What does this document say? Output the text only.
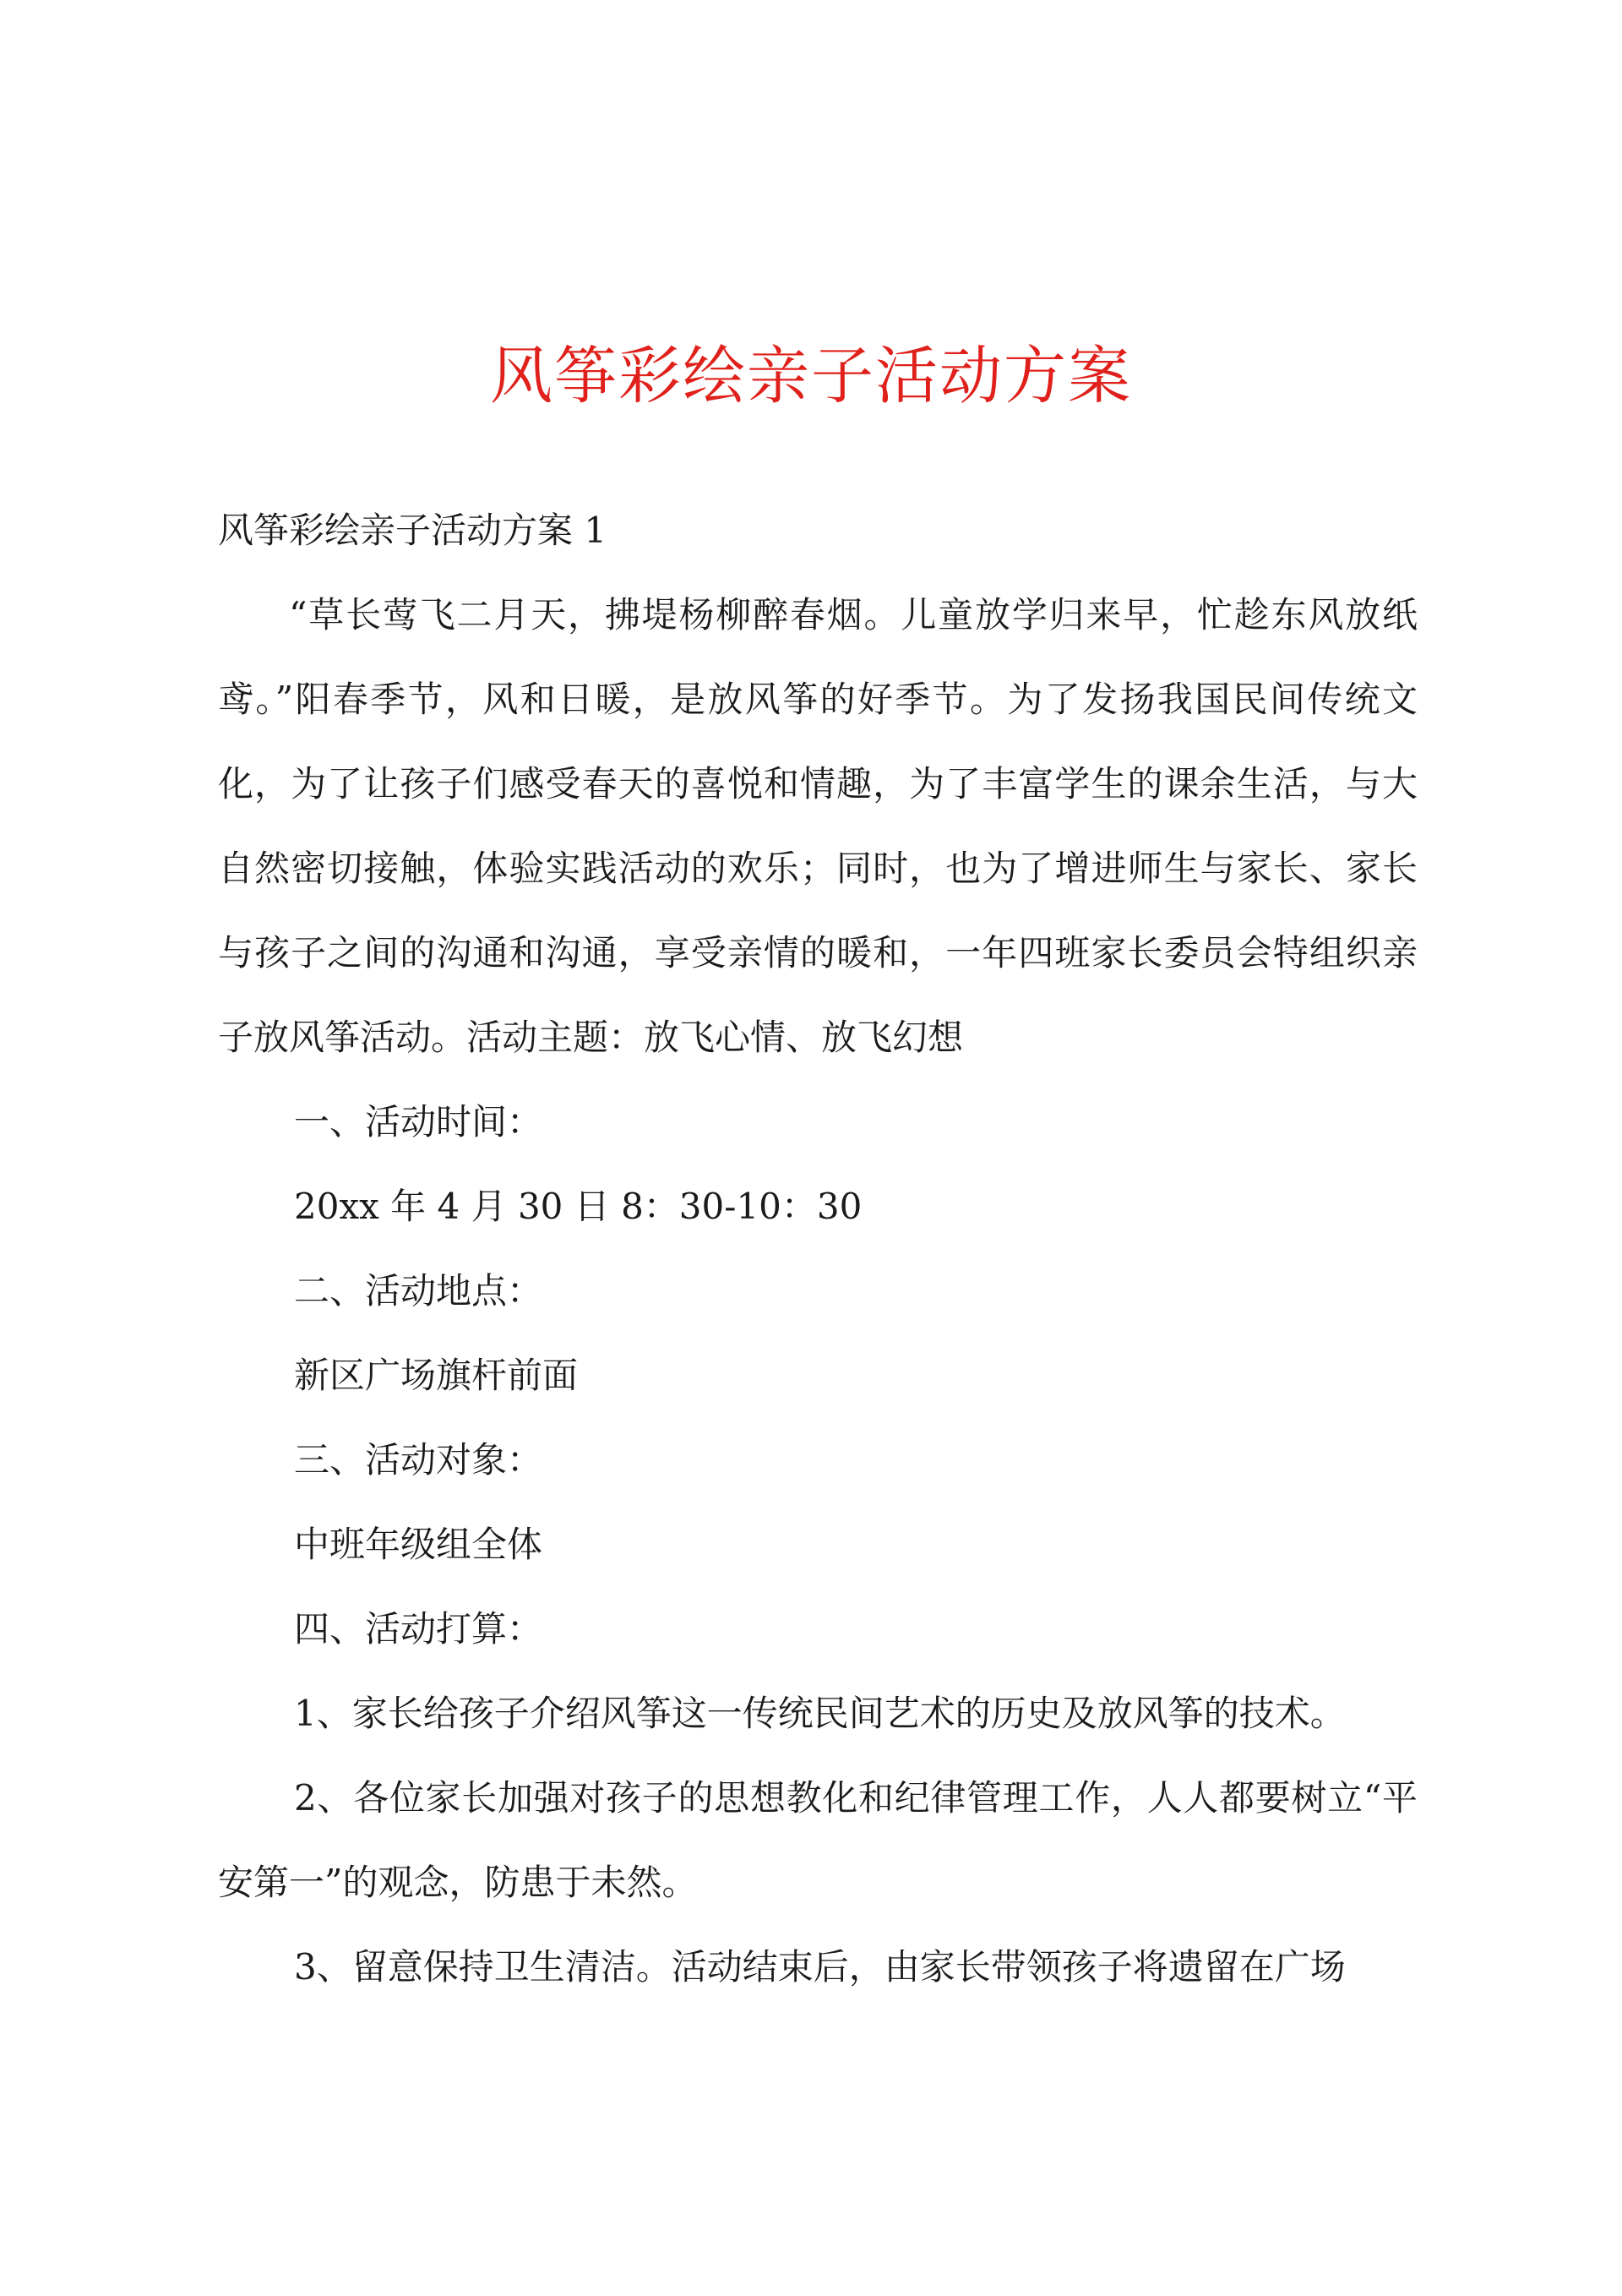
风筝彩绘亲子活动方案

风筝彩绘亲子活动方案 1

“草长莺飞二月天，拂堤杨柳醉春烟。儿童放学归来早，忙趁东风放纸鸢。”阳春季节，风和日暖，是放风筝的好季节。为了发扬我国民间传统文化，为了让孩子们感受春天的喜悦和情趣，为了丰富学生的课余生活，与大自然密切接触，体验实践活动的欢乐；同时，也为了增进师生与家长、家长与孩子之间的沟通和沟通，享受亲情的暖和，一年四班家长委员会特组织亲子放风筝活动。活动主题：放飞心情、放飞幻想

一、活动时间：

20xx 年 4 月 30 日 8：30-10：30

二、活动地点：

新区广场旗杆前面

三、活动对象：

中班年级组全体

四、活动打算：

1、家长给孩子介绍风筝这一传统民间艺术的历史及放风筝的技术。

2、各位家长加强对孩子的思想教化和纪律管理工作，人人都要树立“平安第一”的观念，防患于未然。

3、留意保持卫生清洁。活动结束后，由家长带领孩子将遗留在广场
